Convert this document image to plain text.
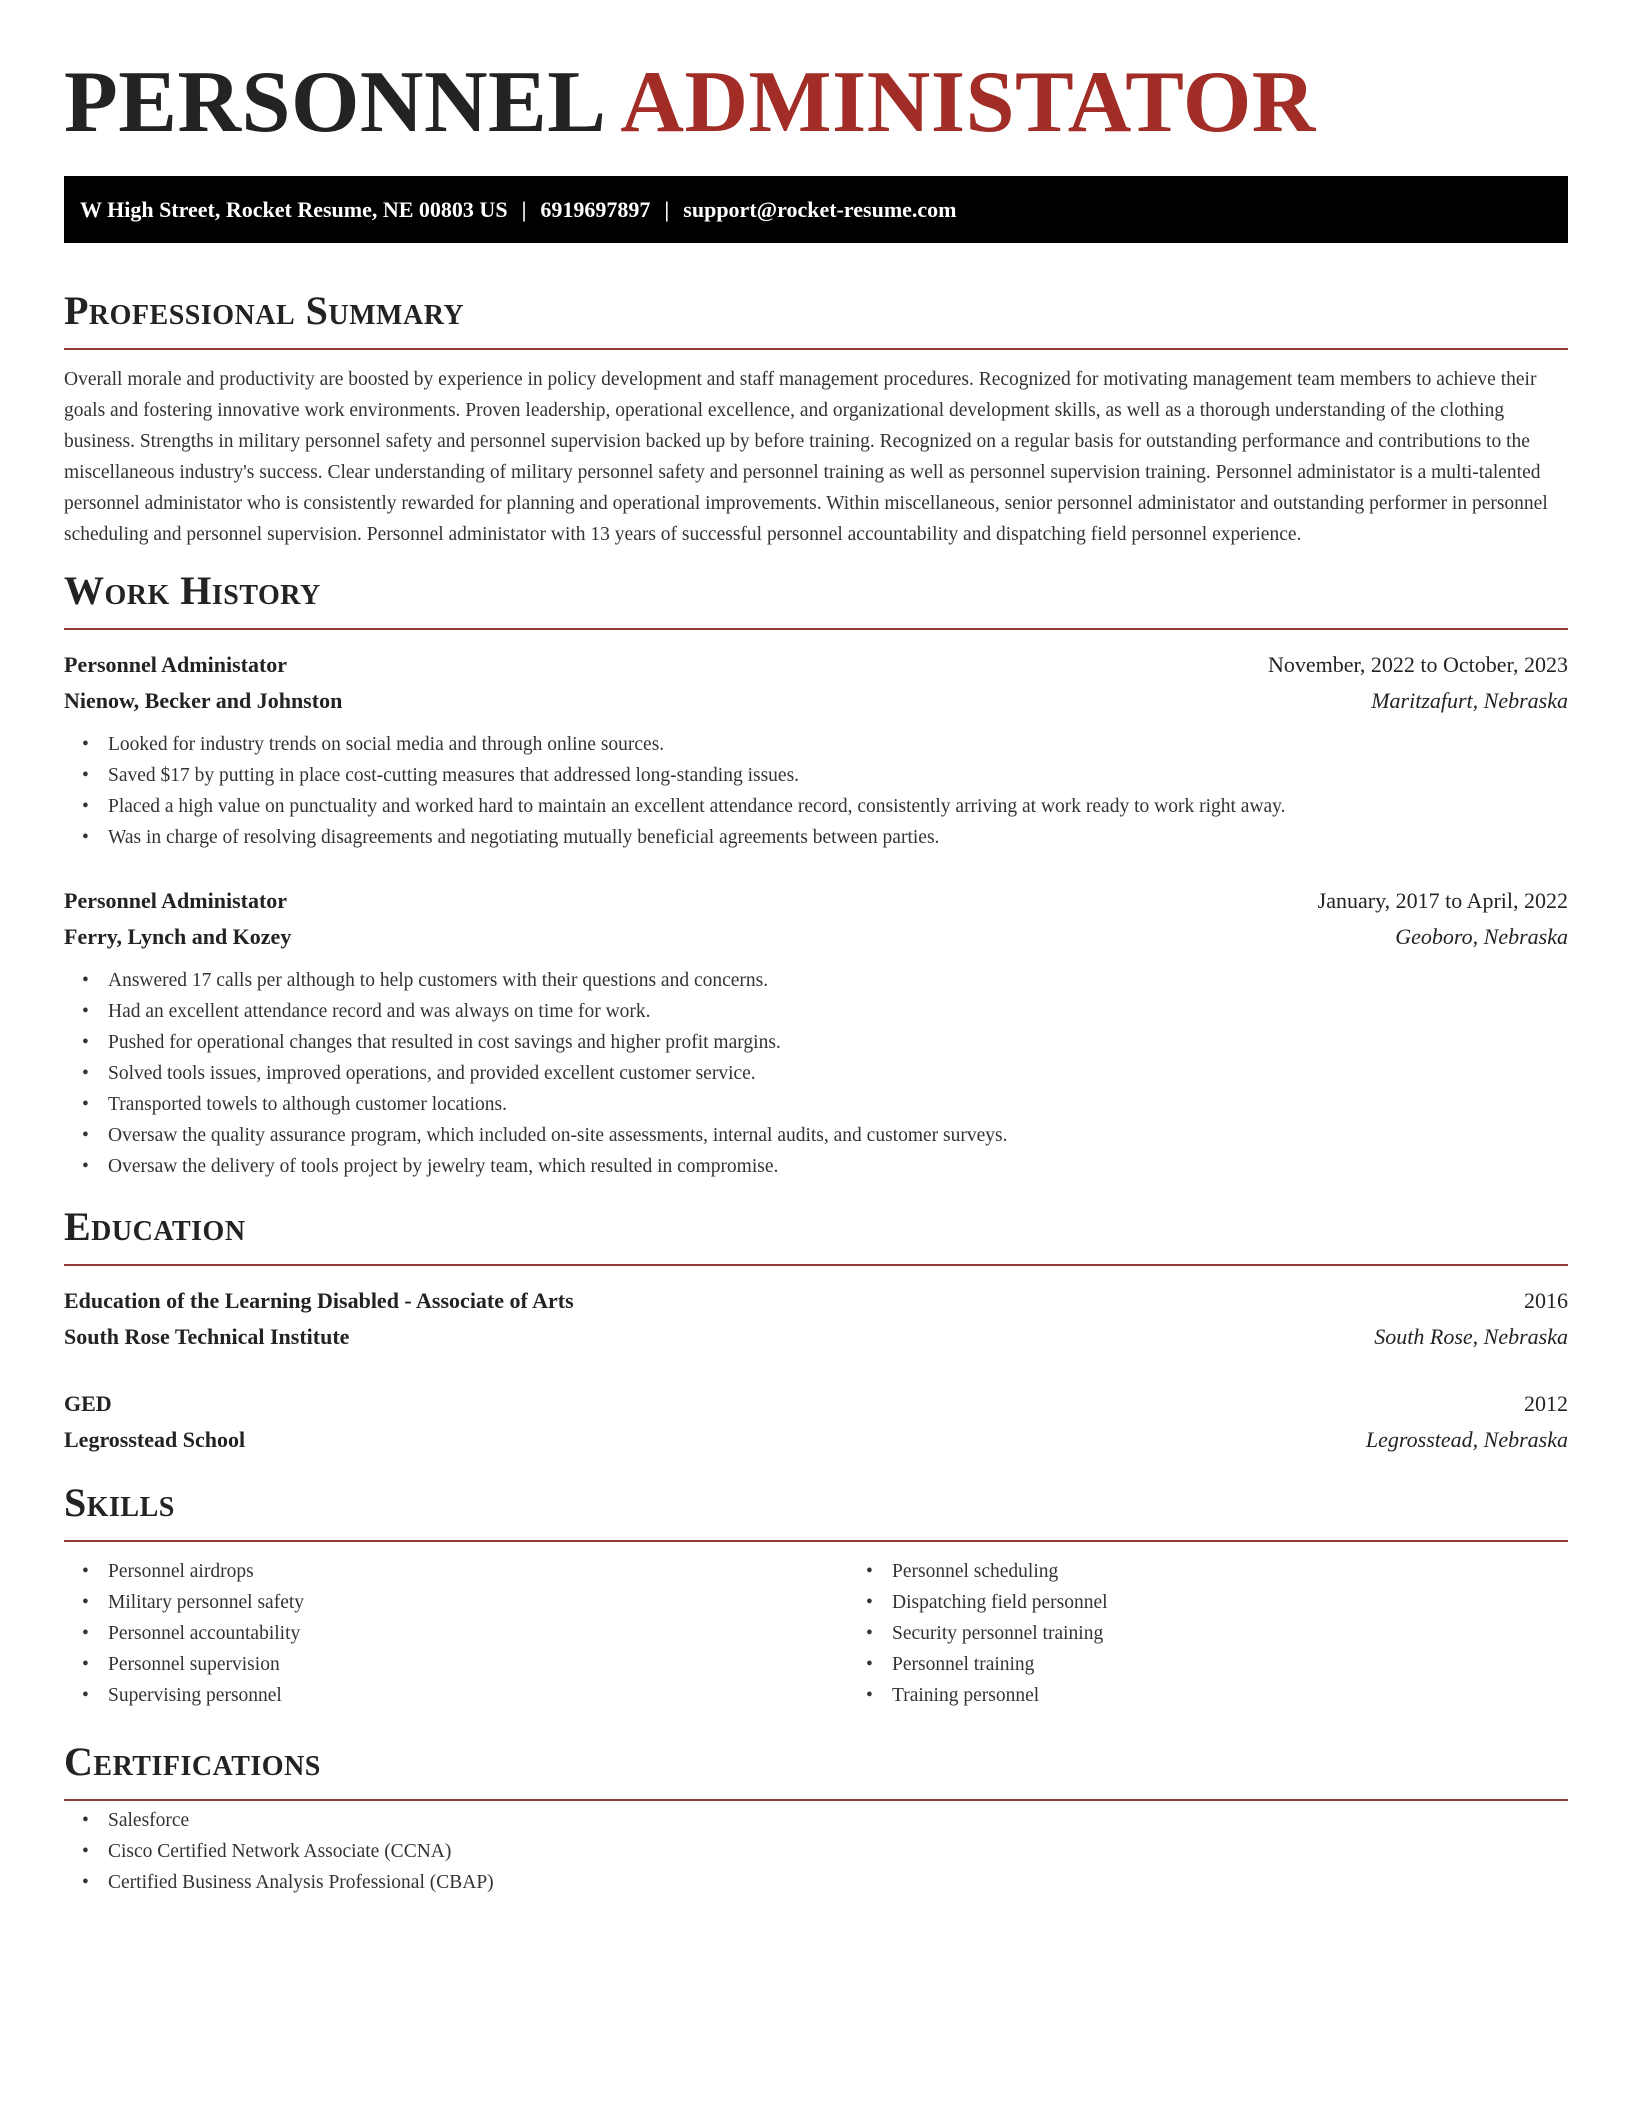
PERSONNEL ADMINISTATOR
W High Street, Rocket Resume, NE 00803 US | 6919697897 | support@rocket-resume.com
Professional Summary

Overall morale and productivity are boosted by experience in policy development and staff management procedures. Recognized for motivating management team members to achieve their goals and fostering innovative work environments. Proven leadership, operational excellence, and organizational development skills, as well as a thorough understanding of the clothing business. Strengths in military personnel safety and personnel supervision backed up by before training. Recognized on a regular basis for outstanding performance and contributions to the miscellaneous industry's success. Clear understanding of military personnel safety and personnel training as well as personnel supervision training. Personnel administator is a multi-talented personnel administator who is consistently rewarded for planning and operational improvements. Within miscellaneous, senior personnel administator and outstanding performer in personnel scheduling and personnel supervision. Personnel administator with 13 years of successful personnel accountability and dispatching field personnel experience.

Work History
Personnel Administator	November, 2022 to October, 2023
Nienow, Becker and Johnston	Maritzafurt, Nebraska
• Looked for industry trends on social media and through online sources.
• Saved $17 by putting in place cost-cutting measures that addressed long-standing issues.
• Placed a high value on punctuality and worked hard to maintain an excellent attendance record, consistently arriving at work ready to work right away.
• Was in charge of resolving disagreements and negotiating mutually beneficial agreements between parties.
Personnel Administator	January, 2017 to April, 2022
Ferry, Lynch and Kozey	Geoboro, Nebraska
• Answered 17 calls per although to help customers with their questions and concerns.
• Had an excellent attendance record and was always on time for work.
• Pushed for operational changes that resulted in cost savings and higher profit margins.
• Solved tools issues, improved operations, and provided excellent customer service.
• Transported towels to although customer locations.
• Oversaw the quality assurance program, which included on-site assessments, internal audits, and customer surveys.
• Oversaw the delivery of tools project by jewelry team, which resulted in compromise.
Education
Education of the Learning Disabled - Associate of Arts	2016
South Rose Technical Institute	South Rose, Nebraska
GED	2012
Legrosstead School	Legrosstead, Nebraska
Skills
• Personnel airdrops
• Military personnel safety
• Personnel accountability
• Personnel supervision
• Supervising personnel
• Personnel scheduling
• Dispatching field personnel
• Security personnel training
• Personnel training
• Training personnel
Certifications
• Salesforce
• Cisco Certified Network Associate (CCNA)
• Certified Business Analysis Professional (CBAP)
